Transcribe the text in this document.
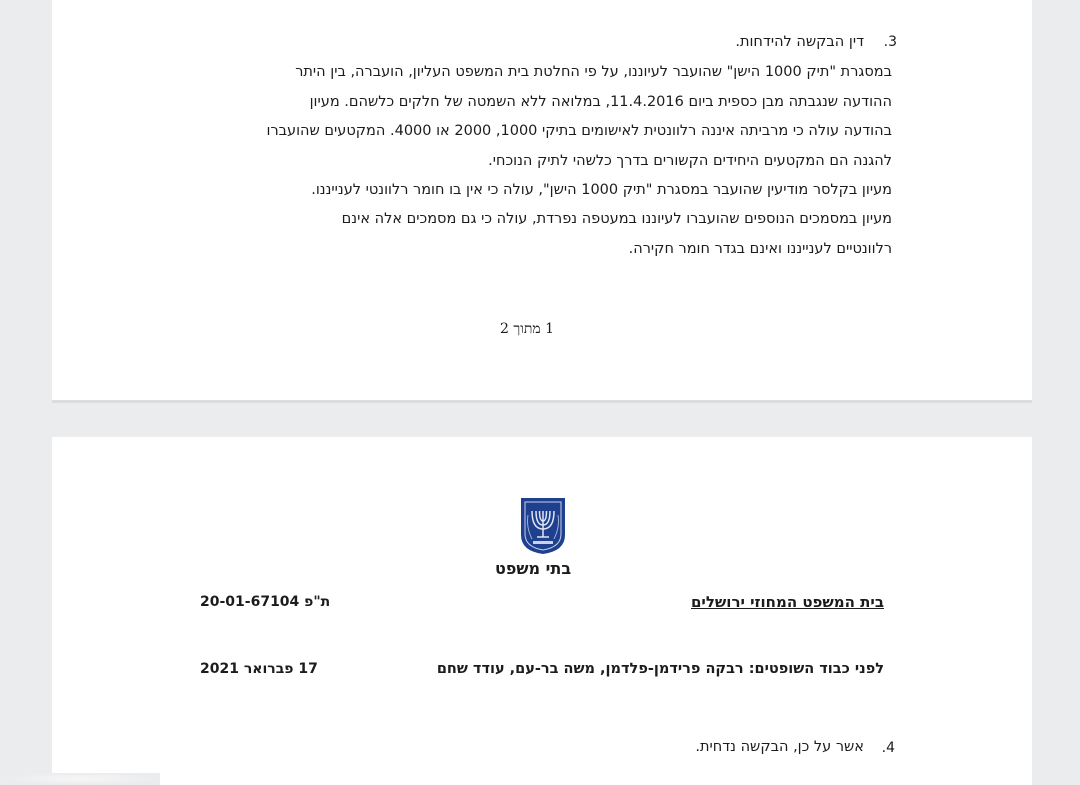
.3
דין הבקשה להידחות.
במסגרת "תיק 1000 הישן" שהועבר לעיוננו, על פי החלטת בית המשפט העליון, הועברה, בין היתר
ההודעה שנגבתה מבן כספית ביום 11.4.2016, במלואה ללא השמטה של חלקים כלשהם. מעיון
בהודעה עולה כי מרביתה איננה רלוונטית לאישומים בתיקי 1000, 2000 או 4000. המקטעים שהועברו
להגנה הם המקטעים היחידים הקשורים בדרך כלשהי לתיק הנוכחי.
מעיון בקלסר מודיעין שהועבר במסגרת "תיק 1000 הישן", עולה כי אין בו חומר רלוונטי לענייננו.
מעיון במסמכים הנוספים שהועברו לעיוננו במעטפה נפרדת, עולה כי גם מסמכים אלה אינם
רלוונטיים לענייננו ואינם בגדר חומר חקירה.
1 מתוך 2
בתי משפט
בית המשפט המחוזי ירושלים
ת"פ 20-01-67104
לפני כבוד השופטים: רבקה פרידמן-פלדמן, משה בר-עם, עודד שחם
17 פברואר 2021
.4
אשר על כן, הבקשה נדחית.
